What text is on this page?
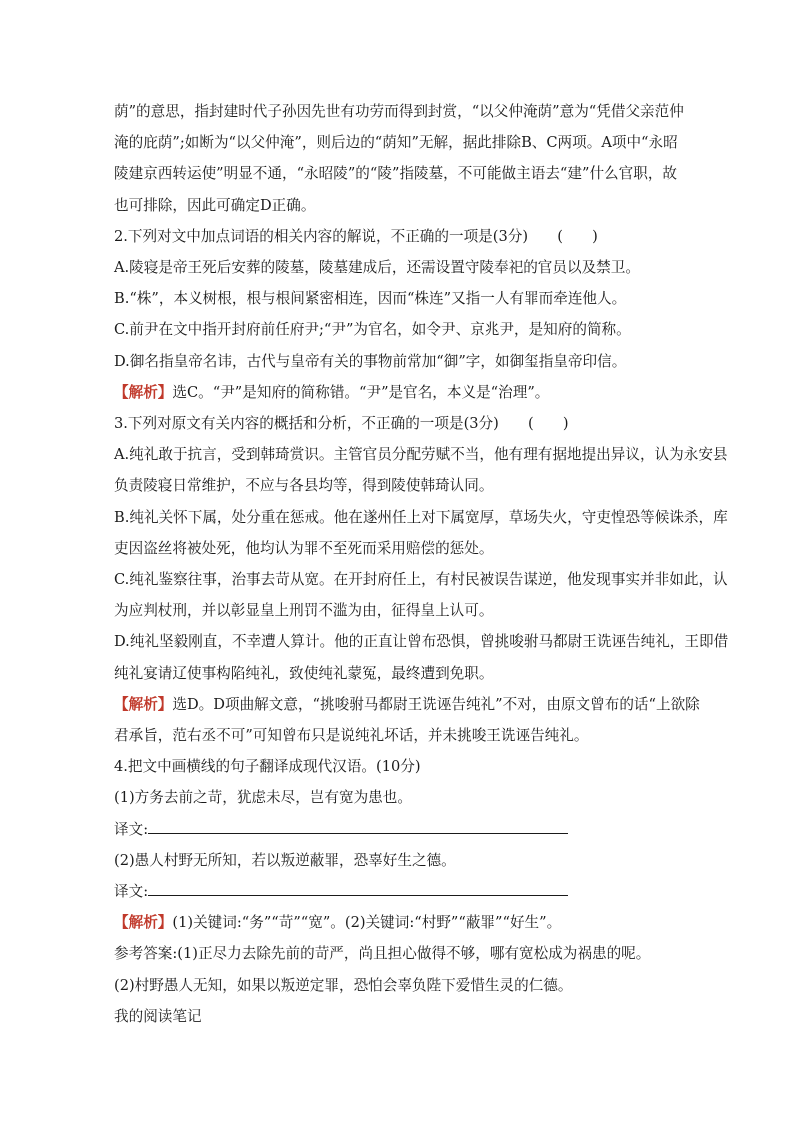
荫”的意思，指封建时代子孙因先世有功劳而得到封赏，“以父仲淹荫”意为“凭借父亲范仲

淹的庇荫”;如断为“以父仲淹”，则后边的“荫知”无解，据此排除B、C两项。A项中“永昭

陵建京西转运使”明显不通，“永昭陵”的“陵”指陵墓，不可能做主语去“建”什么官职，故

也可排除，因此可确定D正确。

2.下列对文中加点词语的相关内容的解说，不正确的一项是(3分)　　(　　)

A.陵寝是帝王死后安葬的陵墓，陵墓建成后，还需设置守陵奉祀的官员以及禁卫。

B.“株”，本义树根，根与根间紧密相连，因而“株连”又指一人有罪而牵连他人。

C.前尹在文中指开封府前任府尹;“尹”为官名，如令尹、京兆尹，是知府的简称。

D.御名指皇帝名讳，古代与皇帝有关的事物前常加“御”字，如御玺指皇帝印信。

【解析】选C。“尹”是知府的简称错。“尹”是官名，本义是“治理”。

3.下列对原文有关内容的概括和分析，不正确的一项是(3分)　　(　　)

A.纯礼敢于抗言，受到韩琦赏识。主管官员分配劳赋不当，他有理有据地提出异议，认为永安县

负责陵寝日常维护，不应与各县均等，得到陵使韩琦认同。

B.纯礼关怀下属，处分重在惩戒。他在遂州任上对下属宽厚，草场失火，守吏惶恐等候诛杀，库

吏因盗丝将被处死，他均认为罪不至死而采用赔偿的惩处。

C.纯礼鉴察往事，治事去苛从宽。在开封府任上，有村民被误告谋逆，他发现事实并非如此，认

为应判杖刑，并以彰显皇上刑罚不滥为由，征得皇上认可。

D.纯礼坚毅刚直，不幸遭人算计。他的正直让曾布恐惧，曾挑唆驸马都尉王诜诬告纯礼，王即借

纯礼宴请辽使事构陷纯礼，致使纯礼蒙冤，最终遭到免职。

【解析】选D。D项曲解文意，“挑唆驸马都尉王诜诬告纯礼”不对，由原文曾布的话“上欲除

君承旨，范右丞不可”可知曾布只是说纯礼坏话，并未挑唆王诜诬告纯礼。

4.把文中画横线的句子翻译成现代汉语。(10分)

(1)方务去前之苛，犹虑未尽，岂有宽为患也。

译文:

(2)愚人村野无所知，若以叛逆蔽罪，恐辜好生之德。

译文:

【解析】(1)关键词:“务”“苛”“宽”。(2)关键词:“村野”“蔽罪”“好生”。

参考答案:(1)正尽力去除先前的苛严，尚且担心做得不够，哪有宽松成为祸患的呢。

(2)村野愚人无知，如果以叛逆定罪，恐怕会辜负陛下爱惜生灵的仁德。

我的阅读笔记
